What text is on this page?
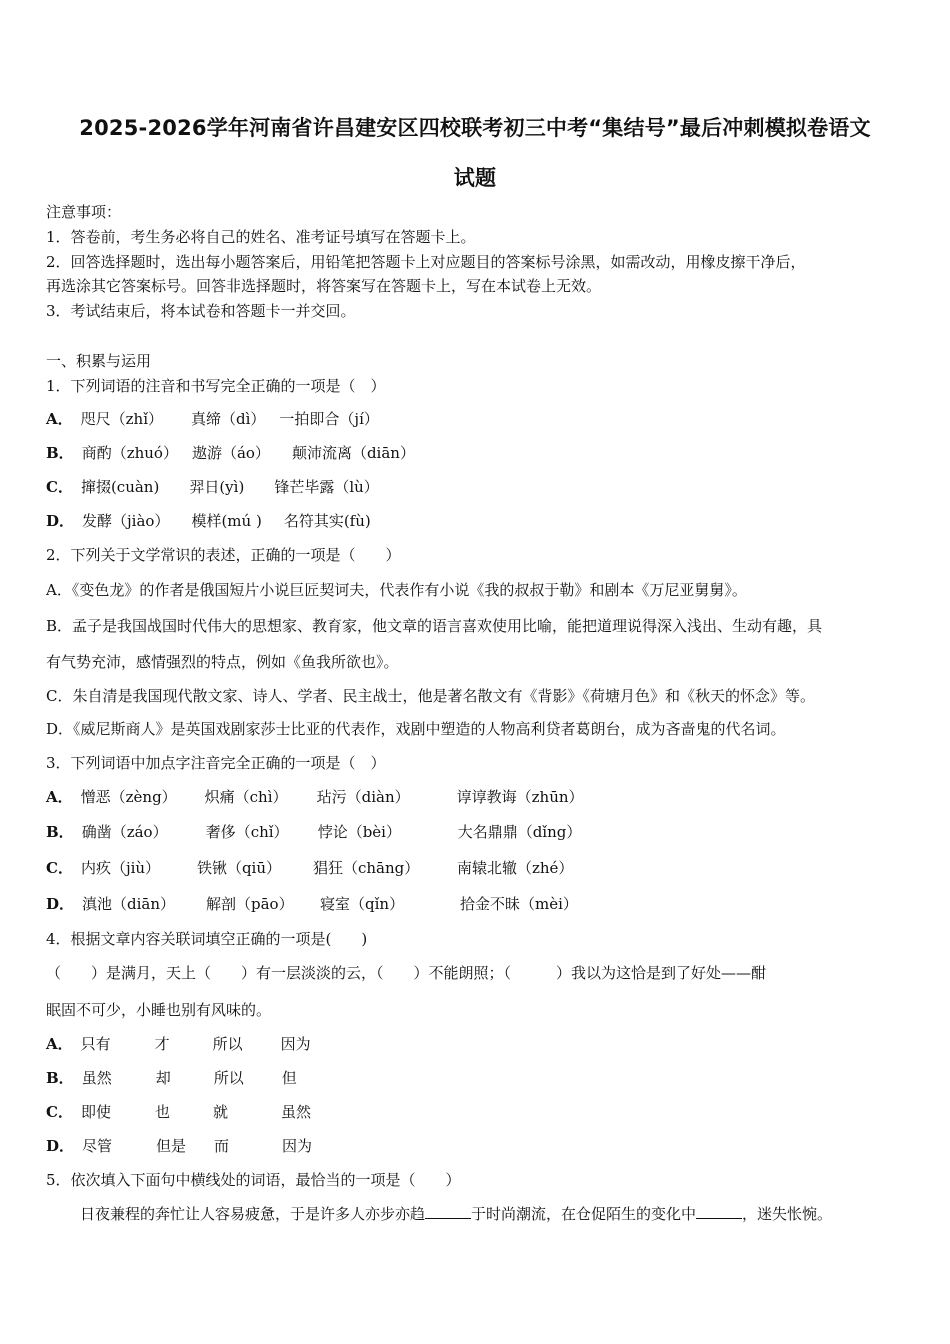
2025-2026学年河南省许昌建安区四校联考初三中考“集结号”最后冲刺模拟卷语文
试题
注意事项：
1．答卷前，考生务必将自己的姓名、准考证号填写在答题卡上。
2．回答选择题时，选出每小题答案后，用铅笔把答题卡上对应题目的答案标号涂黑，如需改动，用橡皮擦干净后，
再选涂其它答案标号。回答非选择题时，将答案写在答题卡上，写在本试卷上无效。
3．考试结束后，将本试卷和答题卡一并交回。
一、积累与运用
1．下列词语的注音和书写完全正确的一项是（　）
A． 咫尺（zhǐ） 真缔（dì） 一拍即合（jí）
B． 商酌（zhuó） 遨游（áo） 颠沛流离（diān）
C． 撺掇(cuàn) 羿日(yì) 锋芒毕露（lù）
D． 发酵（jiào） 模样(mú ) 名符其实(fù)
2．下列关于文学常识的表述，正确的一项是（　　）
A．《变色龙》的作者是俄国短片小说巨匠契诃夫，代表作有小说《我的叔叔于勒》和剧本《万尼亚舅舅》。
B．孟子是我国战国时代伟大的思想家、教育家，他文章的语言喜欢使用比喻，能把道理说得深入浅出、生动有趣，具
有气势充沛，感情强烈的特点，例如《鱼我所欲也》。
C．朱自清是我国现代散文家、诗人、学者、民主战士，他是著名散文有《背影》《荷塘月色》和《秋天的怀念》等。
D．《威尼斯商人》是英国戏剧家莎士比亚的代表作，戏剧中塑造的人物高利贷者葛朗台，成为吝啬鬼的代名词。
3．下列词语中加点字注音完全正确的一项是（　）
A． 憎恶（zèng） 炽痛（chì） 玷污（diàn）	谆谆教诲（zhūn）
B． 确凿（záo）	奢侈（chǐ） 悖论（bèi）	大名鼎鼎（dǐng）
C． 内疚（jiù） 铁锹（qiū） 猖狂（chāng）	南辕北辙（zhé）
D． 滇池（diān） 解剖（pāo） 寝室（qǐn）	拾金不昧（mèi）
4．根据文章内容关联词填空正确的一项是(　　)
（　　）是满月，天上（　　）有一层淡淡的云，（　　）不能朗照；（　　　）我以为这恰是到了好处——酣
眠固不可少，小睡也别有风味的。
A． 只有	才	所以	因为
B． 虽然	却	所以	但
C． 即使	也	就	虽然
D． 尽管	但是 而	因为
5．依次填入下面句中横线处的词语，最恰当的一项是（　　）
日夜兼程的奔忙让人容易疲惫，于是许多人亦步亦趋	于时尚潮流，在仓促陌生的变化中	，迷失怅惋。
